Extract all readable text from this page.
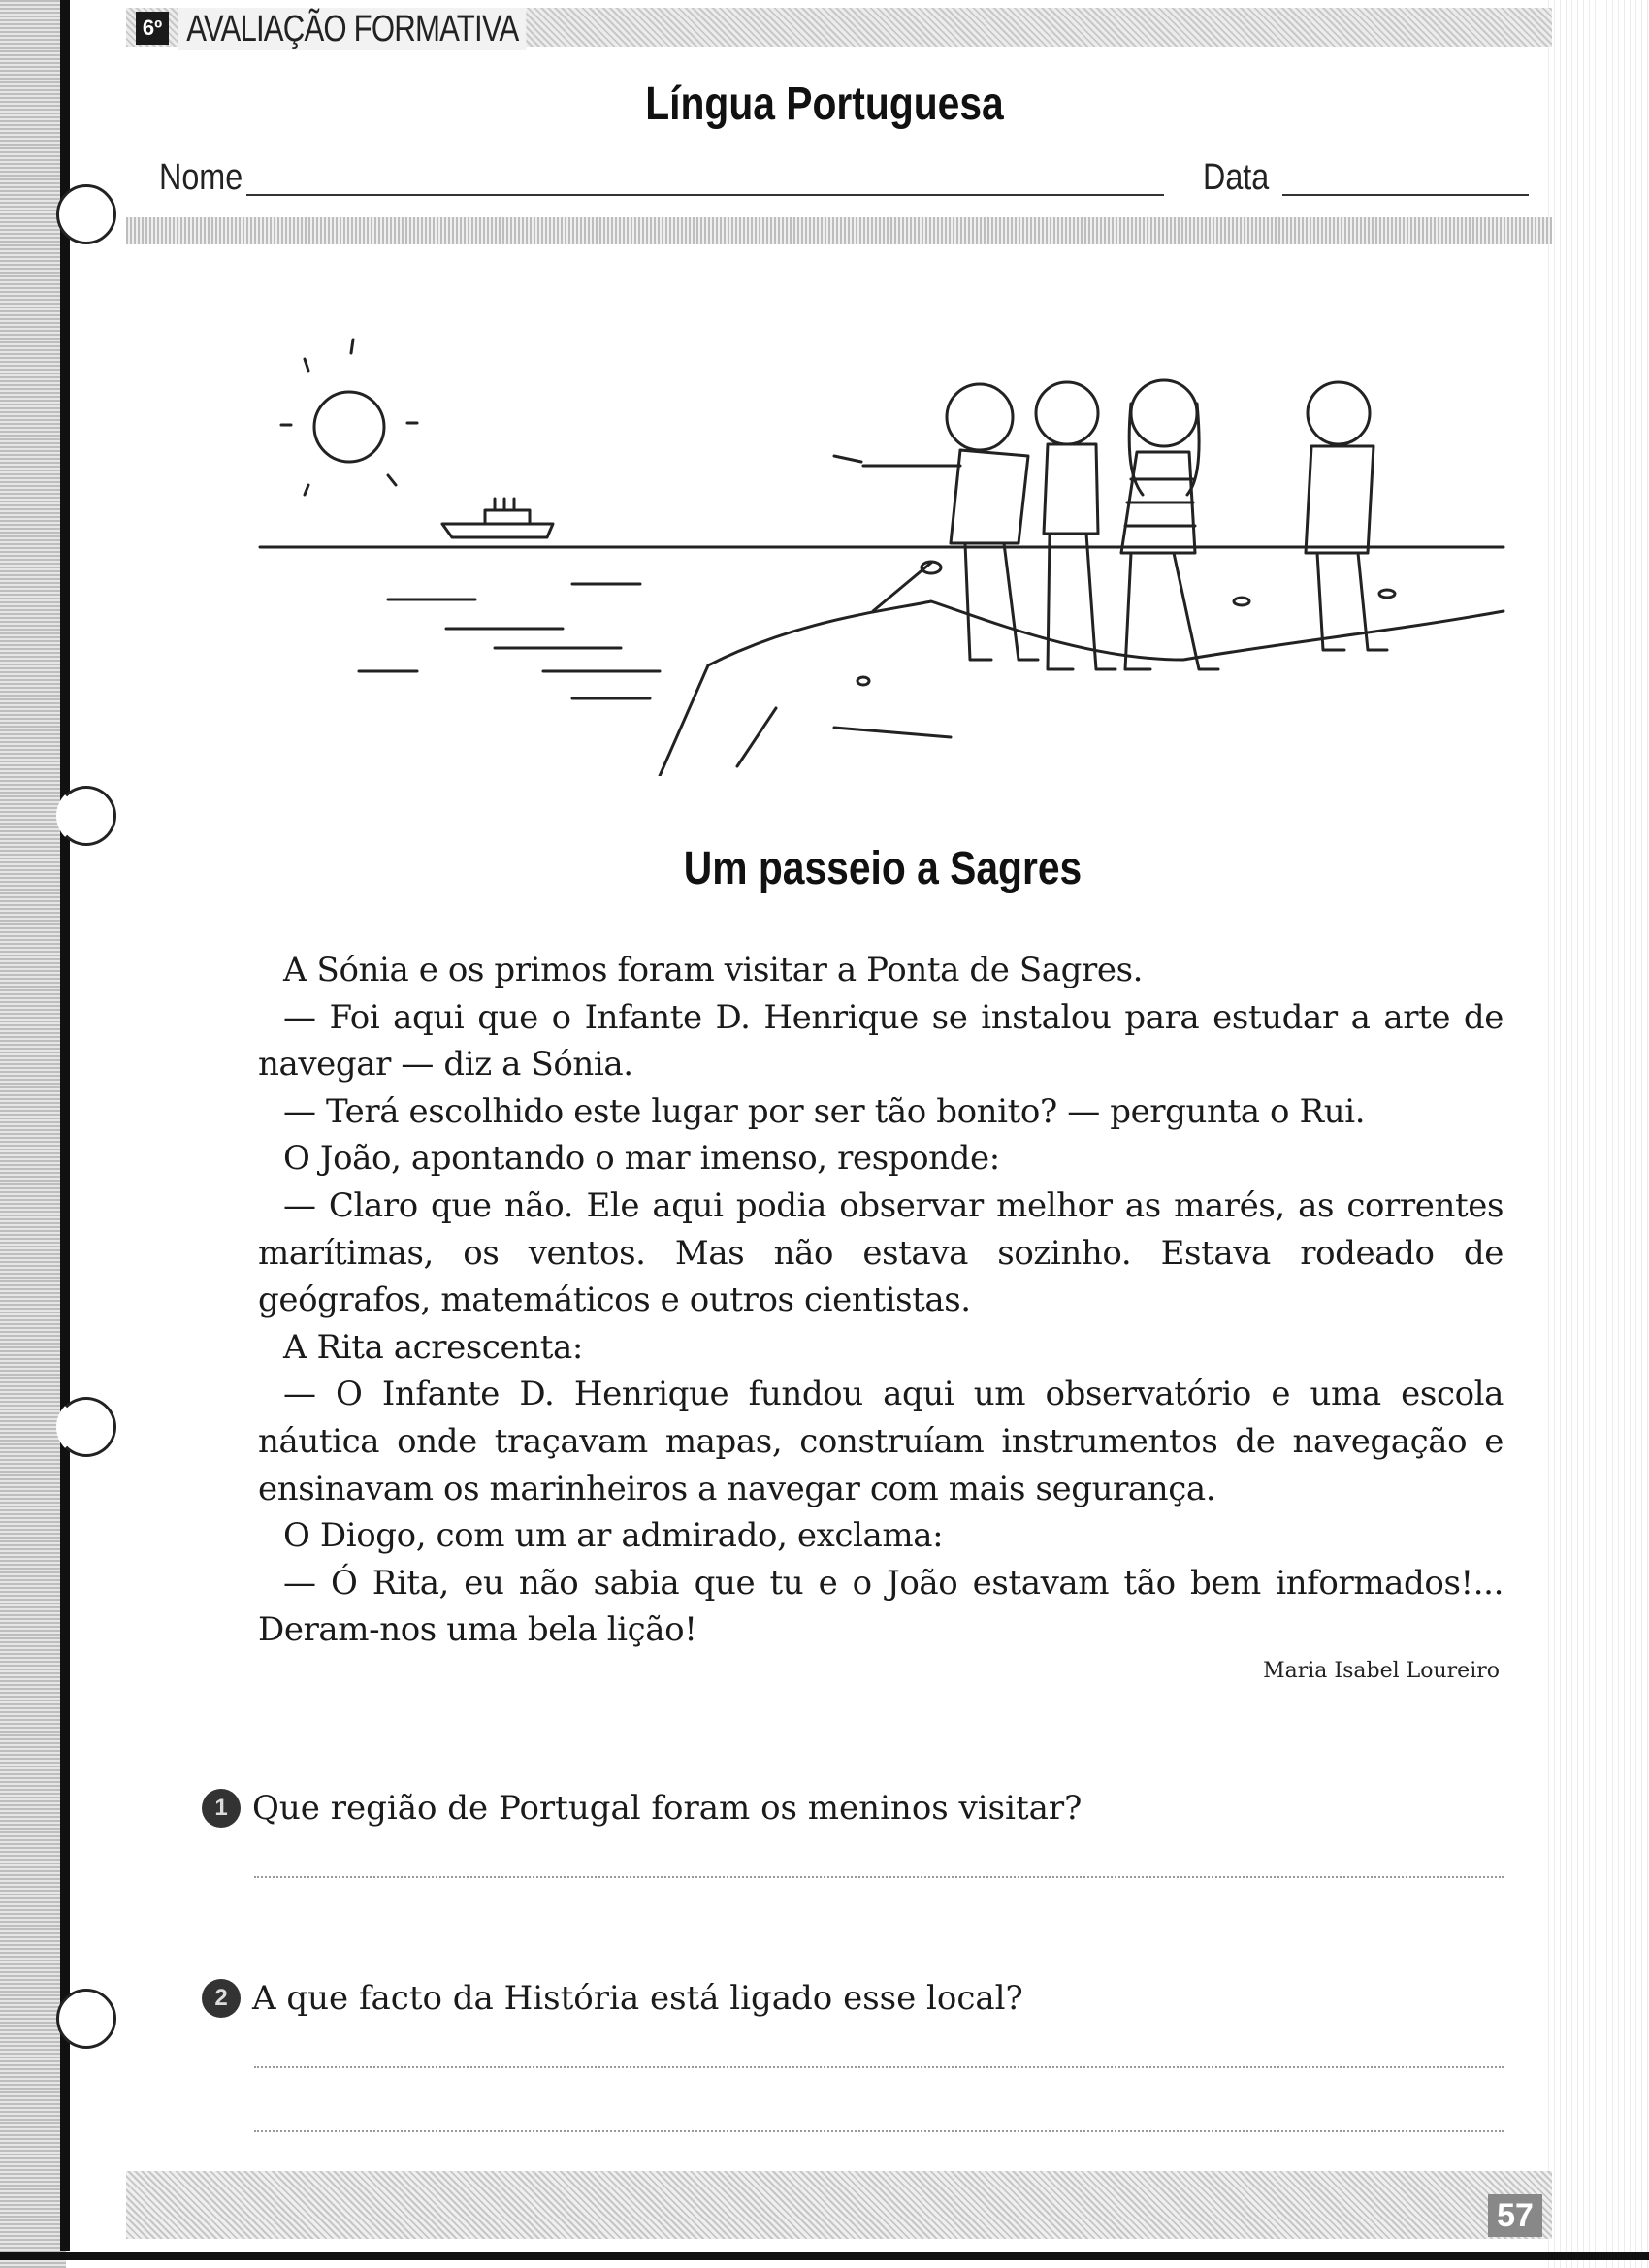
6º AVALIAÇÃO FORMATIVA
Língua Portuguesa
Nome	Data
Um passeio a Sagres

A Sónia e os primos foram visitar a Ponta de Sagres.

— Foi aqui que o Infante D. Henrique se instalou para estudar a arte de navegar — diz a Sónia.

— Terá escolhido este lugar por ser tão bonito? — pergunta o Rui.

O João, apontando o mar imenso, responde:

— Claro que não. Ele aqui podia observar melhor as marés, as correntes marítimas, os ventos. Mas não estava sozinho. Estava rodeado de geógrafos, matemáticos e outros cientistas.

A Rita acrescenta:

— O Infante D. Henrique fundou aqui um observatório e uma escola náutica onde traçavam mapas, construíam instrumentos de navegação e ensinavam os marinheiros a navegar com mais segurança.

O Diogo, com um ar admirado, exclama:

— Ó Rita, eu não sabia que tu e o João estavam tão bem informados!... Deram-nos uma bela lição!

Maria Isabel Loureiro
1 Que região de Portugal foram os meninos visitar?
2 A que facto da História está ligado esse local?
57
